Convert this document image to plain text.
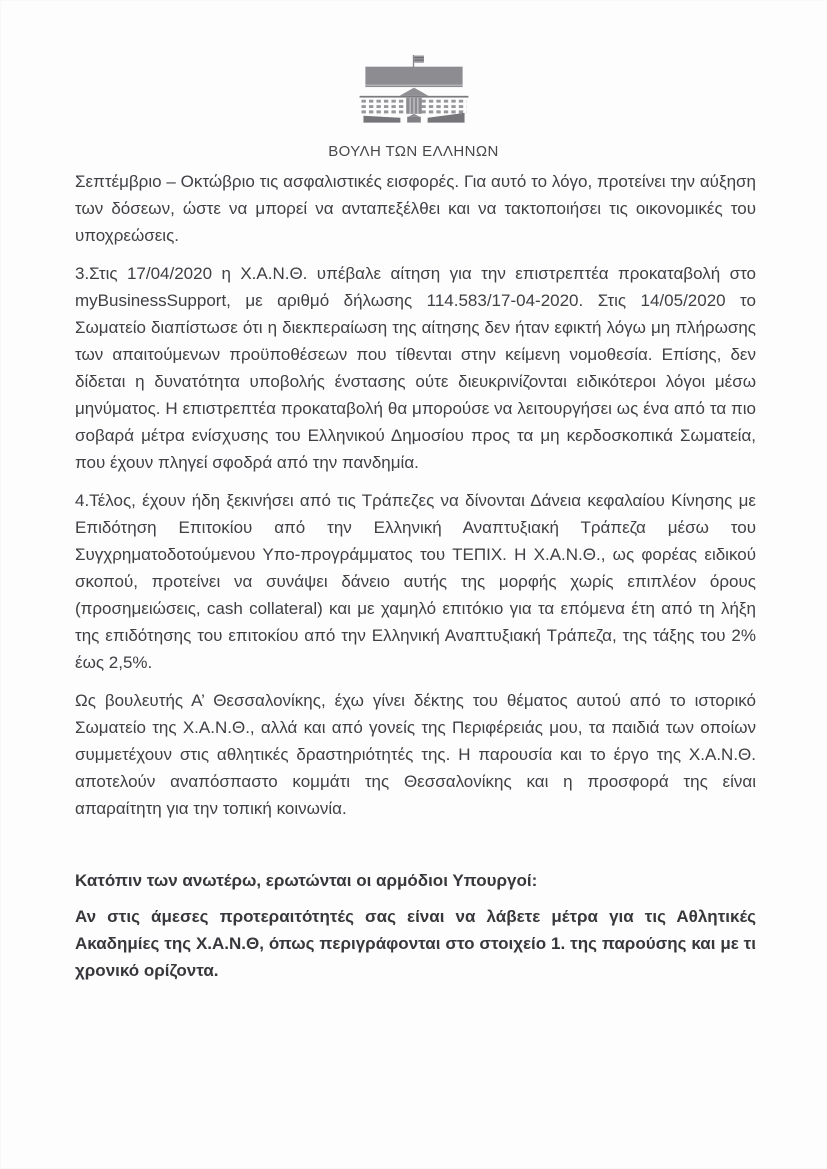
ΒΟΥΛΗ ΤΩΝ ΕΛΛΗΝΩΝ

Σεπτέμβριο – Οκτώβριο τις ασφαλιστικές εισφορές. Για αυτό το λόγο, προτείνει την αύξηση των δόσεων, ώστε να μπορεί να ανταπεξέλθει και να τακτοποιήσει τις οικονομικές του υποχρεώσεις.

3.Στις 17/04/2020 η Χ.Α.Ν.Θ. υπέβαλε αίτηση για την επιστρεπτέα προκαταβολή στο myBusinessSupport, με αριθμό δήλωσης 114.583/17-04-2020. Στις 14/05/2020 το Σωματείο διαπίστωσε ότι η διεκπεραίωση της αίτησης δεν ήταν εφικτή λόγω μη πλήρωσης των απαιτούμενων προϋποθέσεων που τίθενται στην κείμενη νομοθεσία. Επίσης, δεν δίδεται η δυνατότητα υποβολής ένστασης ούτε διευκρινίζονται ειδικότεροι λόγοι μέσω μηνύματος. Η επιστρεπτέα προκαταβολή θα μπορούσε να λειτουργήσει ως ένα από τα πιο σοβαρά μέτρα ενίσχυσης του Ελληνικού Δημοσίου προς τα μη κερδοσκοπικά Σωματεία, που έχουν πληγεί σφοδρά από την πανδημία.

4.Τέλος, έχουν ήδη ξεκινήσει από τις Τράπεζες να δίνονται Δάνεια κεφαλαίου Κίνησης με Επιδότηση Επιτοκίου από την Ελληνική Αναπτυξιακή Τράπεζα μέσω του Συγχρηματοδοτούμενου Υπο-προγράμματος του ΤΕΠΙΧ. Η Χ.Α.Ν.Θ., ως φορέας ειδικού σκοπού, προτείνει να συνάψει δάνειο αυτής της μορφής χωρίς επιπλέον όρους (προσημειώσεις, cash collateral) και με χαμηλό επιτόκιο για τα επόμενα έτη από τη λήξη της επιδότησης του επιτοκίου από την Ελληνική Αναπτυξιακή Τράπεζα, της τάξης του 2% έως 2,5%.

Ως βουλευτής Α’ Θεσσαλονίκης, έχω γίνει δέκτης του θέματος αυτού από το ιστορικό Σωματείο της Χ.Α.Ν.Θ., αλλά και από γονείς της Περιφέρειάς μου, τα παιδιά των οποίων συμμετέχουν στις αθλητικές δραστηριότητές της. Η παρουσία και το έργο της Χ.Α.Ν.Θ. αποτελούν αναπόσπαστο κομμάτι της Θεσσαλονίκης και η προσφορά της είναι απαραίτητη για την τοπική κοινωνία.

Κατόπιν των ανωτέρω, ερωτώνται οι αρμόδιοι Υπουργοί:

Αν στις άμεσες προτεραιτότητές σας είναι να λάβετε μέτρα για τις Αθλητικές Ακαδημίες της Χ.Α.Ν.Θ, όπως περιγράφονται στο στοιχείο 1. της παρούσης και με τι χρονικό ορίζοντα.
